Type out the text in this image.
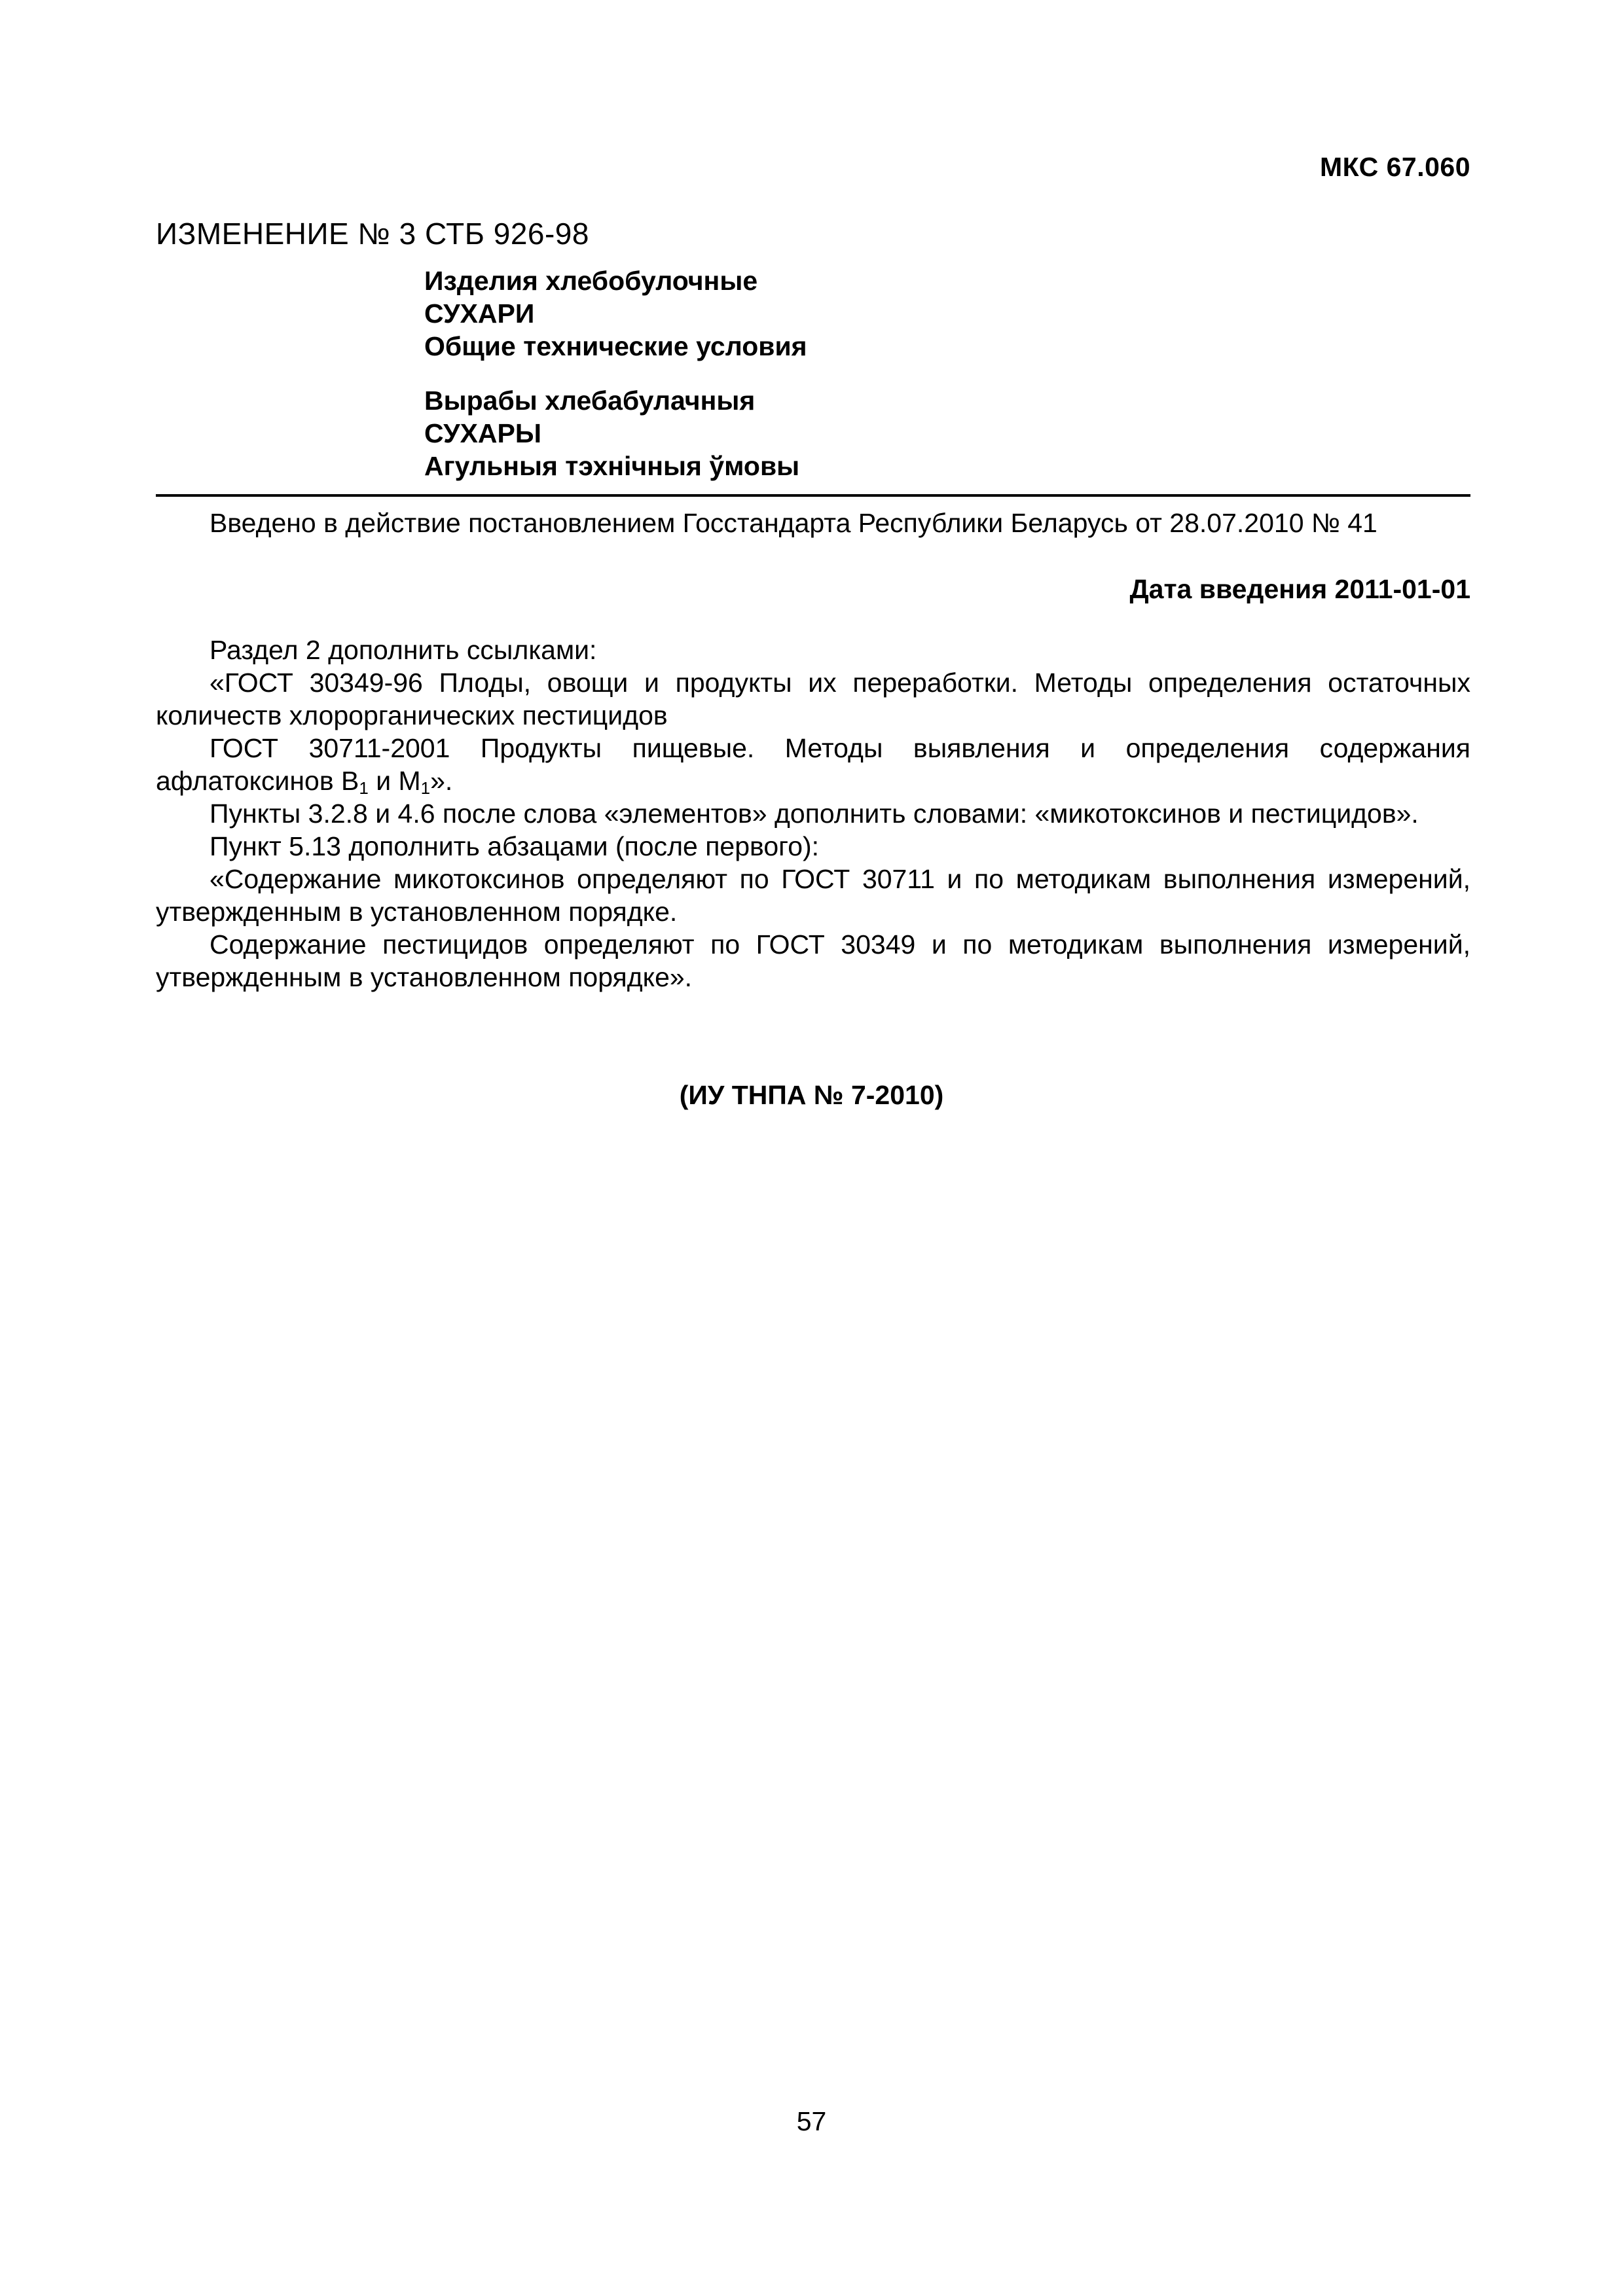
МКС 67.060
ИЗМЕНЕНИЕ № 3 СТБ 926-98
Изделия хлебобулочные
СУХАРИ
Общие технические условия
Вырабы хлебабулачныя
СУХАРЫ
Агульныя тэхнічныя ўмовы
Введено в действие постановлением Госстандарта Республики Беларусь от 28.07.2010 № 41
Дата введения 2011-01-01

Раздел 2 дополнить ссылками:

«ГОСТ 30349-96 Плоды, овощи и продукты их переработки. Методы определения остаточных количеств хлорорганических пестицидов

ГОСТ 30711-2001 Продукты пищевые. Методы выявления и определения содержания афлатоксинов $B_1$ и $M_1$».

Пункты 3.2.8 и 4.6 после слова «элементов» дополнить словами: «микотоксинов и пестицидов».

Пункт 5.13 дополнить абзацами (после первого):

«Содержание микотоксинов определяют по ГОСТ 30711 и по методикам выполнения измерений, утвержденным в установленном порядке.

Содержание пестицидов определяют по ГОСТ 30349 и по методикам выполнения измерений, утвержденным в установленном порядке».

(ИУ ТНПА № 7-2010)
57
